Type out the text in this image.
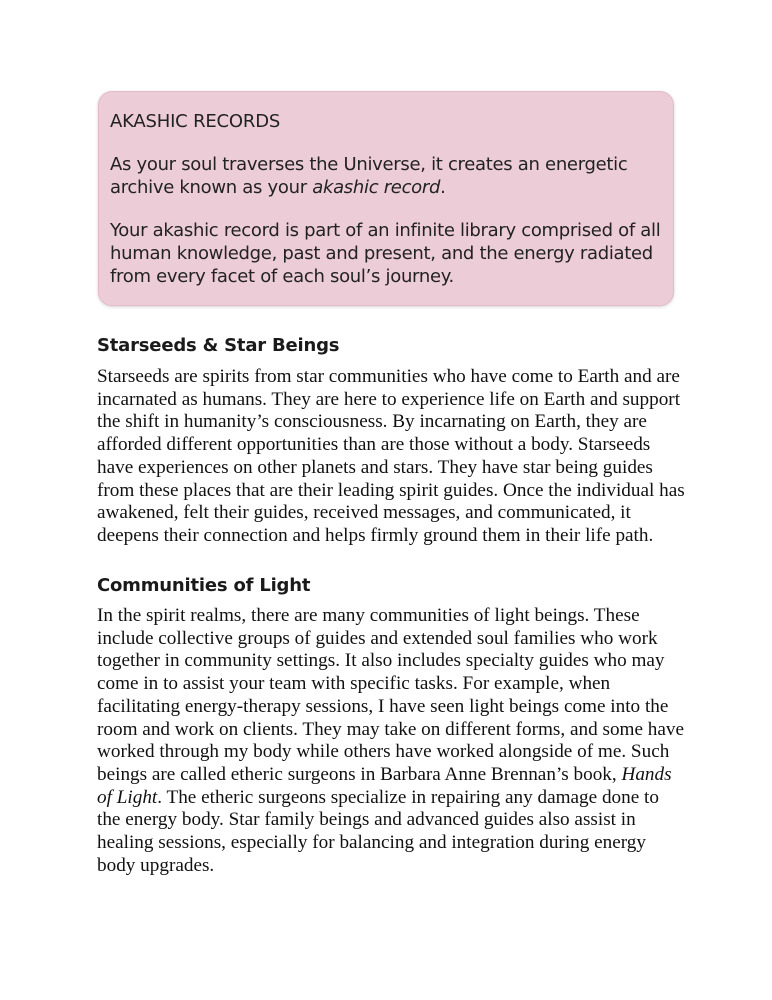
AKASHIC RECORDS

As your soul traverses the Universe, it creates an energetic archive known as your akashic record.

Your akashic record is part of an infinite library comprised of all human knowledge, past and present, and the energy radiated from every facet of each soul’s journey.

Starseeds & Star Beings

Starseeds are spirits from star communities who have come to Earth and are incarnated as humans. They are here to experience life on Earth and support the shift in humanity’s consciousness. By incarnating on Earth, they are afforded different opportunities than are those without a body. Starseeds have experiences on other planets and stars. They have star being guides from these places that are their leading spirit guides. Once the individual has awakened, felt their guides, received messages, and communicated, it deepens their connection and helps firmly ground them in their life path.

Communities of Light

In the spirit realms, there are many communities of light beings. These include collective groups of guides and extended soul families who work together in community settings. It also includes specialty guides who may come in to assist your team with specific tasks. For example, when facilitating energy-therapy sessions, I have seen light beings come into the room and work on clients. They may take on different forms, and some have worked through my body while others have worked alongside of me. Such beings are called etheric surgeons in Barbara Anne Brennan’s book, Hands of Light. The etheric surgeons specialize in repairing any damage done to the energy body. Star family beings and advanced guides also assist in healing sessions, especially for balancing and integration during energy body upgrades.
